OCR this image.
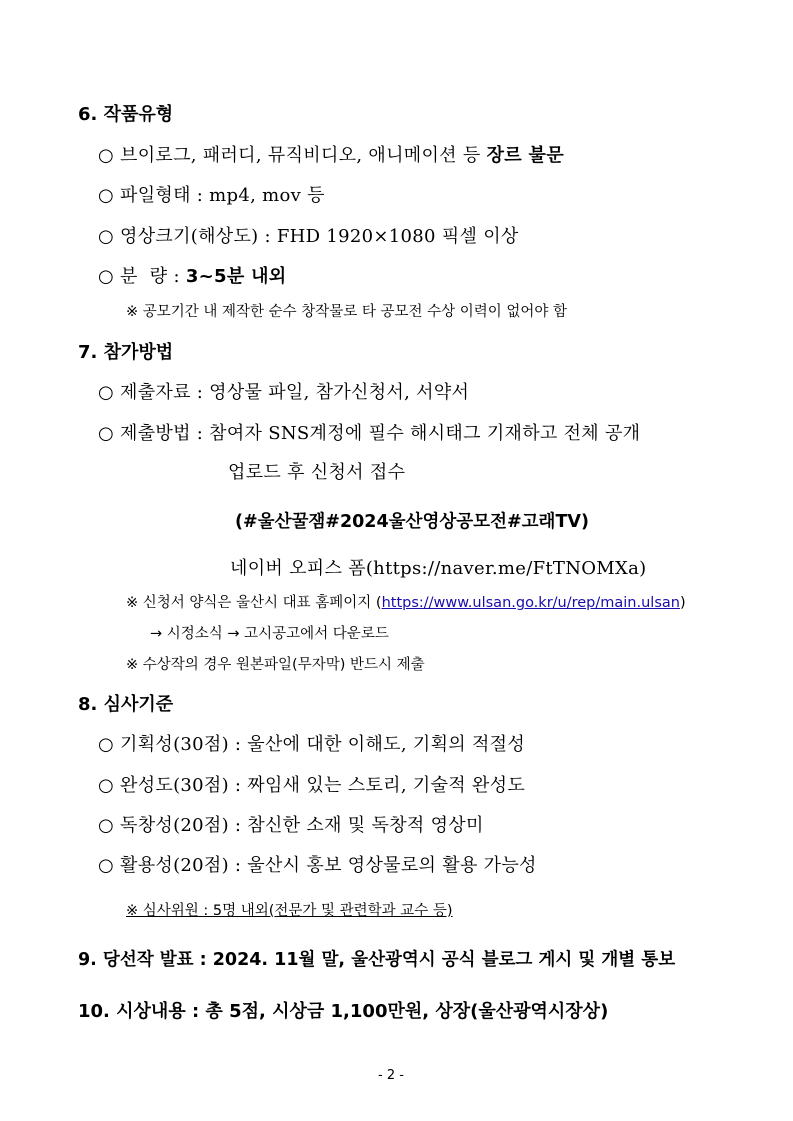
6. 작품유형
○ 브이로그, 패러디, 뮤직비디오, 애니메이션 등 장르 불문
○ 파일형태 : mp4, mov 등
○ 영상크기(해상도) : FHD 1920×1080 픽셀 이상
○ 분  량 : 3~5분 내외
※ 공모기간 내 제작한 순수 창작물로 타 공모전 수상 이력이 없어야 함
7. 참가방법
○ 제출자료 : 영상물 파일, 참가신청서, 서약서
○ 제출방법 : 참여자 SNS계정에 필수 해시태그 기재하고 전체 공개
업로드 후 신청서 접수
(#울산꿀잼#2024울산영상공모전#고래TV)
네이버 오피스 폼(https://naver.me/FtTNOMXa)
※ 신청서 양식은 울산시 대표 홈페이지 (https://www.ulsan.go.kr/u/rep/main.ulsan)
→ 시정소식 → 고시공고에서 다운로드
※ 수상작의 경우 원본파일(무자막) 반드시 제출
8. 심사기준
○ 기획성(30점) : 울산에 대한 이해도, 기획의 적절성
○ 완성도(30점) : 짜임새 있는 스토리, 기술적 완성도
○ 독창성(20점) : 참신한 소재 및 독창적 영상미
○ 활용성(20점) : 울산시 홍보 영상물로의 활용 가능성
※ 심사위원 : 5명 내외(전문가 및 관련학과 교수 등)
9. 당선작 발표 : 2024. 11월 말, 울산광역시 공식 블로그 게시 및 개별 통보
10. 시상내용 : 총 5점, 시상금 1,100만원, 상장(울산광역시장상)
- 2 -
